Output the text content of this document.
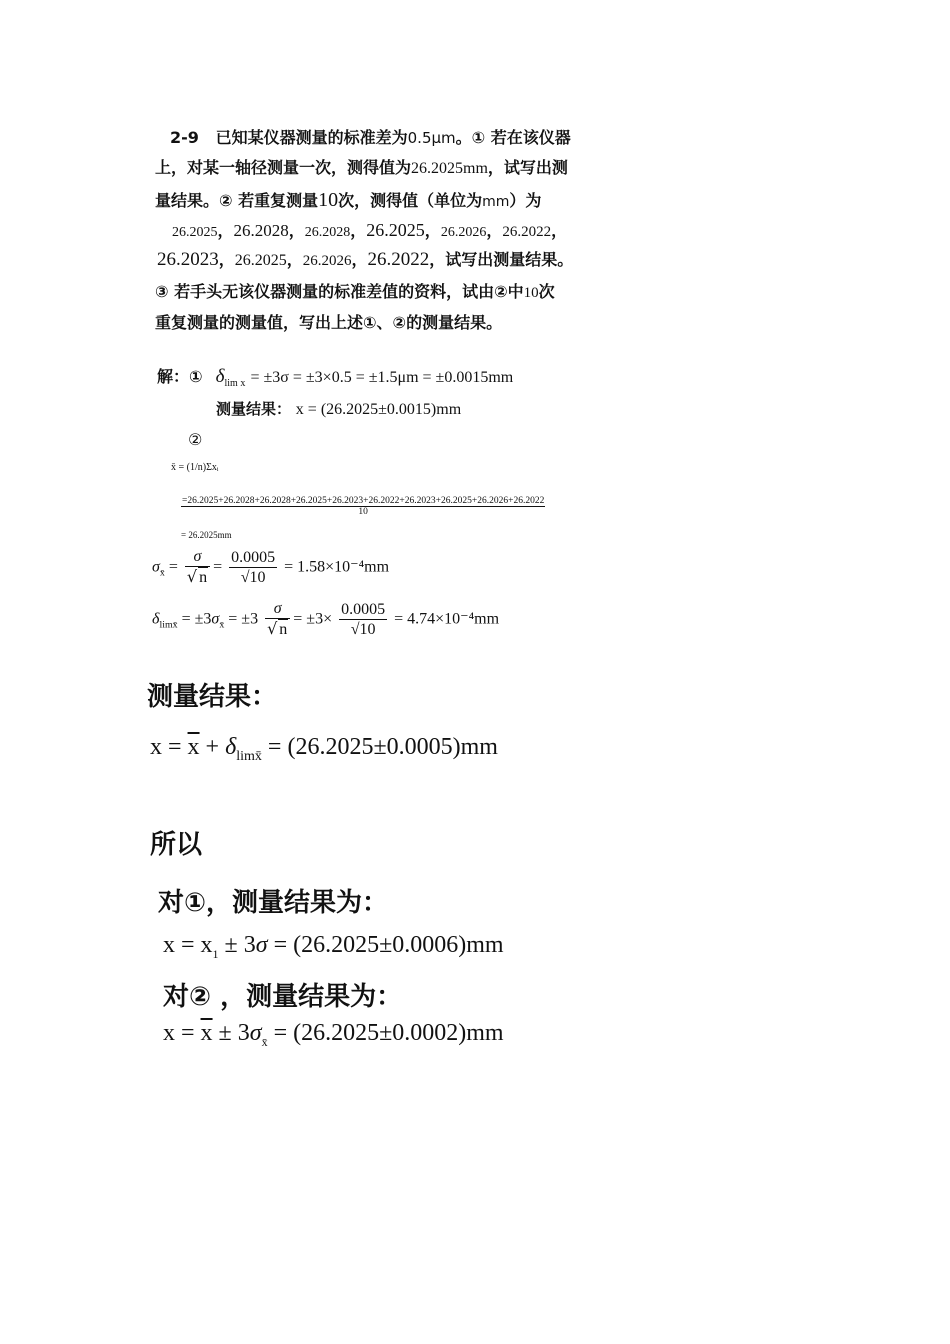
2-9 已知某仪器测量的标准差为0.5μm。① 若在该仪器
上，对某一轴径测量一次，测得值为26.2025mm，试写出测
量结果。② 若重复测量10次，测得值（单位为mm）为
26.2025，26.2028，26.2028，26.2025，26.2026，26.2022，
26.2023，26.2025，26.2026，26.2022，试写出测量结果。
③ 若手头无该仪器测量的标准差值的资料，试由②中10次
重复测量的测量值，写出上述①、②的测量结果。
解：① $\delta_{lim x} = \pm 3\sigma = \pm 3\times 0.5 = \pm 1.5\mu m = \pm 0.0015mm$
测量结果： x = (26.2025±0.0015)mm
②
x̄ = (1/n)Σxᵢ
=26.2025+26.2028+26.2028+26.2025+26.2023+26.2022+26.2023+26.2025+26.2026+26.2022
10
= 26.2025mm
$\sigma_{x̄} = \frac{\sigma}{√ n} = \frac{0.0005}{√10} = 1.58\times 10^{-4}mm$
$\delta_{limx̄} = \pm 3\sigma_{x̄} = \pm 3 \frac{\sigma}{√ n} = \pm 3\times \frac{0.0005}{√10} = 4.74\times 10^{-4}mm$
测量结果：
$x = \overline{x} + \delta_{limx̄} = (26.2025\pm 0.0005)mm$
所以
对①，测量结果为：
$x = x_1 \pm 3\sigma = (26.2025\pm 0.0006)mm$
对② ，测量结果为：
$x = \overline{x} \pm 3\sigma_{x̄} = (26.2025\pm 0.0002)mm$
